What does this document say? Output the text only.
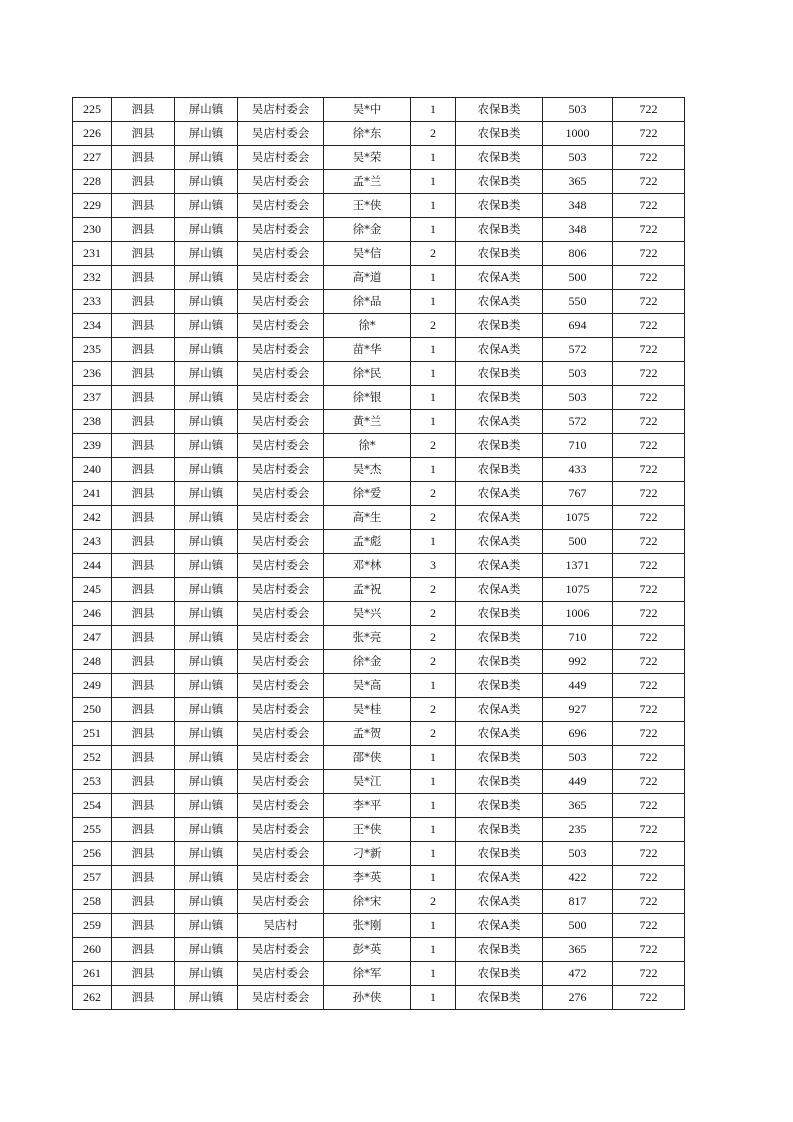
225	泗县	屏山镇	吴店村委会	吴*中	1	农保B类	503	722
226	泗县	屏山镇	吴店村委会	徐*东	2	农保B类	1000	722
227	泗县	屏山镇	吴店村委会	吴*荣	1	农保B类	503	722
228	泗县	屏山镇	吴店村委会	孟*兰	1	农保B类	365	722
229	泗县	屏山镇	吴店村委会	王*侠	1	农保B类	348	722
230	泗县	屏山镇	吴店村委会	徐*金	1	农保B类	348	722
231	泗县	屏山镇	吴店村委会	吴*信	2	农保B类	806	722
232	泗县	屏山镇	吴店村委会	高*道	1	农保A类	500	722
233	泗县	屏山镇	吴店村委会	徐*品	1	农保A类	550	722
234	泗县	屏山镇	吴店村委会	徐*	2	农保B类	694	722
235	泗县	屏山镇	吴店村委会	苗*华	1	农保A类	572	722
236	泗县	屏山镇	吴店村委会	徐*民	1	农保B类	503	722
237	泗县	屏山镇	吴店村委会	徐*银	1	农保B类	503	722
238	泗县	屏山镇	吴店村委会	黄*兰	1	农保A类	572	722
239	泗县	屏山镇	吴店村委会	徐*	2	农保B类	710	722
240	泗县	屏山镇	吴店村委会	吴*杰	1	农保B类	433	722
241	泗县	屏山镇	吴店村委会	徐*爱	2	农保A类	767	722
242	泗县	屏山镇	吴店村委会	高*生	2	农保A类	1075	722
243	泗县	屏山镇	吴店村委会	孟*彪	1	农保A类	500	722
244	泗县	屏山镇	吴店村委会	邓*林	3	农保A类	1371	722
245	泗县	屏山镇	吴店村委会	孟*祝	2	农保A类	1075	722
246	泗县	屏山镇	吴店村委会	吴*兴	2	农保B类	1006	722
247	泗县	屏山镇	吴店村委会	张*亮	2	农保B类	710	722
248	泗县	屏山镇	吴店村委会	徐*金	2	农保B类	992	722
249	泗县	屏山镇	吴店村委会	吴*高	1	农保B类	449	722
250	泗县	屏山镇	吴店村委会	吴*桂	2	农保A类	927	722
251	泗县	屏山镇	吴店村委会	孟*贺	2	农保A类	696	722
252	泗县	屏山镇	吴店村委会	邵*侠	1	农保B类	503	722
253	泗县	屏山镇	吴店村委会	吴*江	1	农保B类	449	722
254	泗县	屏山镇	吴店村委会	李*平	1	农保B类	365	722
255	泗县	屏山镇	吴店村委会	王*侠	1	农保B类	235	722
256	泗县	屏山镇	吴店村委会	刁*新	1	农保B类	503	722
257	泗县	屏山镇	吴店村委会	李*英	1	农保A类	422	722
258	泗县	屏山镇	吴店村委会	徐*宋	2	农保A类	817	722
259	泗县	屏山镇	吴店村	张*刚	1	农保A类	500	722
260	泗县	屏山镇	吴店村委会	彭*英	1	农保B类	365	722
261	泗县	屏山镇	吴店村委会	徐*军	1	农保B类	472	722
262	泗县	屏山镇	吴店村委会	孙*侠	1	农保B类	276	722
